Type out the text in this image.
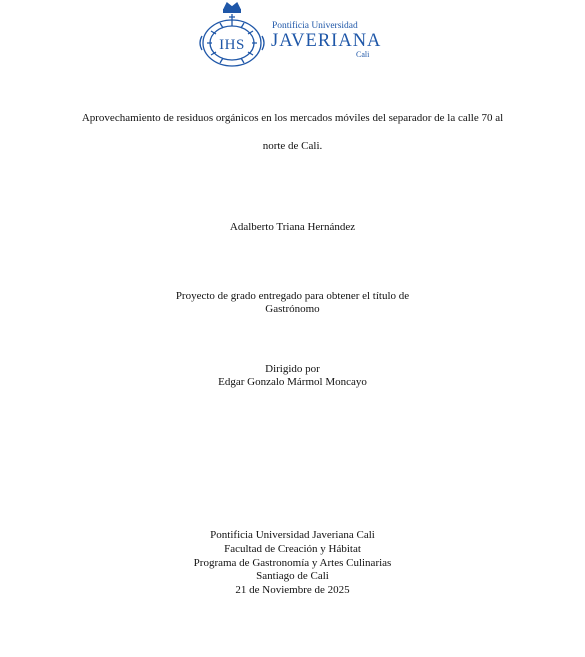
IHS
Pontificia Universidad
JAVERIANA
Cali
Aprovechamiento de residuos orgánicos en los mercados móviles del separador de la calle 70 al
norte de Cali.
Adalberto Triana Hernández
Proyecto de grado entregado para obtener el título de
Gastrónomo
Dirigido por
Edgar Gonzalo Mármol Moncayo
Pontificia Universidad Javeriana Cali
Facultad de Creación y Hábitat
Programa de Gastronomía y Artes Culinarias
Santiago de Cali
21 de Noviembre de 2025
